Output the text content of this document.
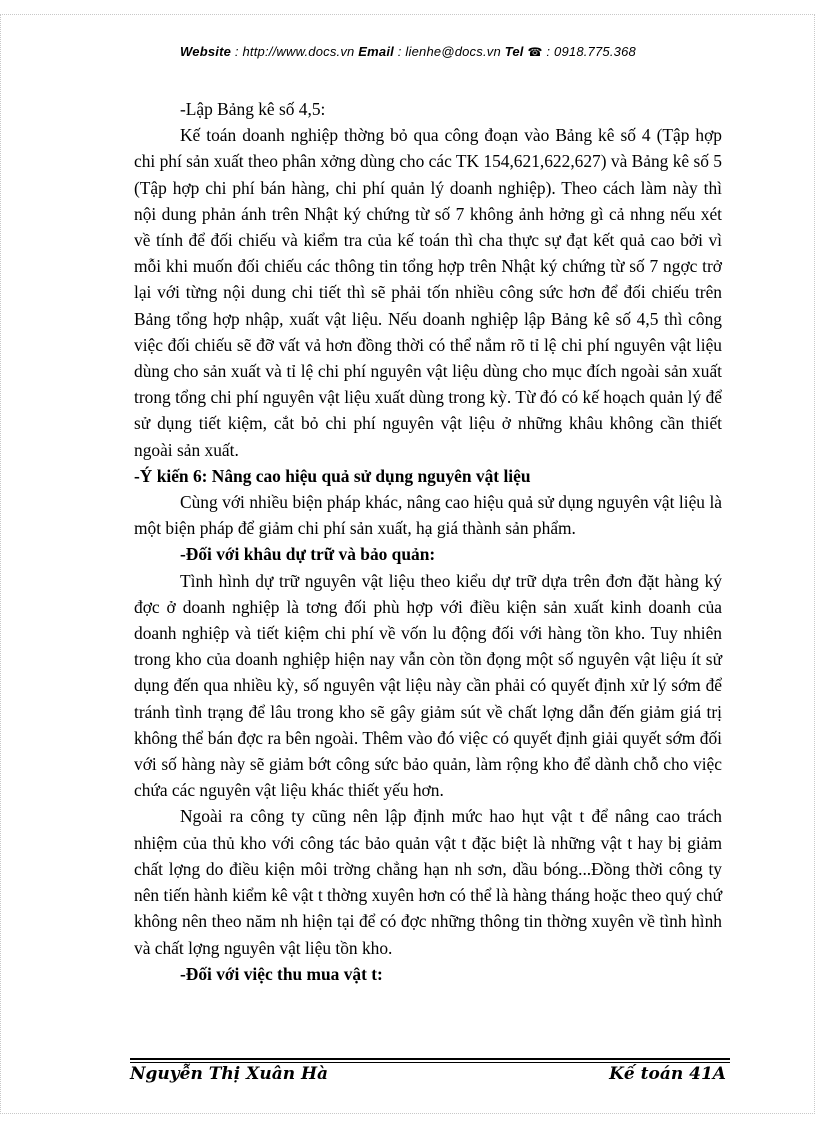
Website : http://www.docs.vn Email : lienhe@docs.vn Tel ☎ : 0918.775.368

-Lập Bảng kê số 4,5:

Kế toán doanh nghiệp thờng bỏ qua công đoạn vào Bảng kê số 4 (Tập hợp chi phí sản xuất theo phân xởng dùng cho các TK 154,621,622,627) và Bảng kê số 5 (Tập hợp chi phí bán hàng, chi phí quản lý doanh nghiệp). Theo cách làm này thì nội dung phản ánh trên Nhật ký chứng từ số 7 không ảnh hởng gì cả nhng nếu xét về tính để đối chiếu và kiểm tra của kế toán thì cha thực sự đạt kết quả cao bởi vì mỗi khi muốn đối chiếu các thông tin tổng hợp trên Nhật ký chứng từ số 7 ngợc trở lại với từng nội dung chi tiết thì sẽ phải tốn nhiều công sức hơn để đối chiếu trên Bảng tổng hợp nhập, xuất vật liệu. Nếu doanh nghiệp lập Bảng kê số 4,5 thì công việc đối chiếu sẽ đỡ vất vả hơn đồng thời có thể nắm rõ tỉ lệ chi phí nguyên vật liệu dùng cho sản xuất và tỉ lệ chi phí nguyên vật liệu dùng cho mục đích ngoài sản xuất trong tổng chi phí nguyên vật liệu xuất dùng trong kỳ. Từ đó có kế hoạch quản lý để sử dụng tiết kiệm, cắt bỏ chi phí nguyên vật liệu ở những khâu không cần thiết ngoài sản xuất.

-Ý kiến 6: Nâng cao hiệu quả sử dụng nguyên vật liệu

Cùng với nhiều biện pháp khác, nâng cao hiệu quả sử dụng nguyên vật liệu là một biện pháp để giảm chi phí sản xuất, hạ giá thành sản phẩm.

-Đối với khâu dự trữ và bảo quản:

Tình hình dự trữ nguyên vật liệu theo kiểu dự trữ dựa trên đơn đặt hàng ký đợc ở doanh nghiệp là tơng đối phù hợp với điều kiện sản xuất kinh doanh của doanh nghiệp và tiết kiệm chi phí về vốn lu động đối với hàng tồn kho. Tuy nhiên trong kho của doanh nghiệp hiện nay vẫn còn tồn đọng một số nguyên vật liệu ít sử dụng đến qua nhiều kỳ, số nguyên vật liệu này cần phải có quyết định xử lý sớm để tránh tình trạng để lâu trong kho sẽ gây giảm sút về chất lợng dẫn đến giảm giá trị không thể bán đợc ra bên ngoài. Thêm vào đó việc có quyết định giải quyết sớm đối với số hàng này sẽ giảm bớt công sức bảo quản, làm rộng kho để dành chỗ cho việc chứa các nguyên vật liệu khác thiết yếu hơn.

Ngoài ra công ty cũng nên lập định mức hao hụt vật t để nâng cao trách nhiệm của thủ kho với công tác bảo quản vật t đặc biệt là những vật t hay bị giảm chất lợng do điều kiện môi trờng chẳng hạn nh sơn, dầu bóng...Đồng thời công ty nên tiến hành kiểm kê vật t thờng xuyên hơn có thể là hàng tháng hoặc theo quý chứ không nên theo năm nh hiện tại để có đợc những thông tin thờng xuyên về tình hình và chất lợng nguyên vật liệu tồn kho.

-Đối với việc thu mua vật t:

Nguyễn Thị Xuân Hà	Kế toán 41A
